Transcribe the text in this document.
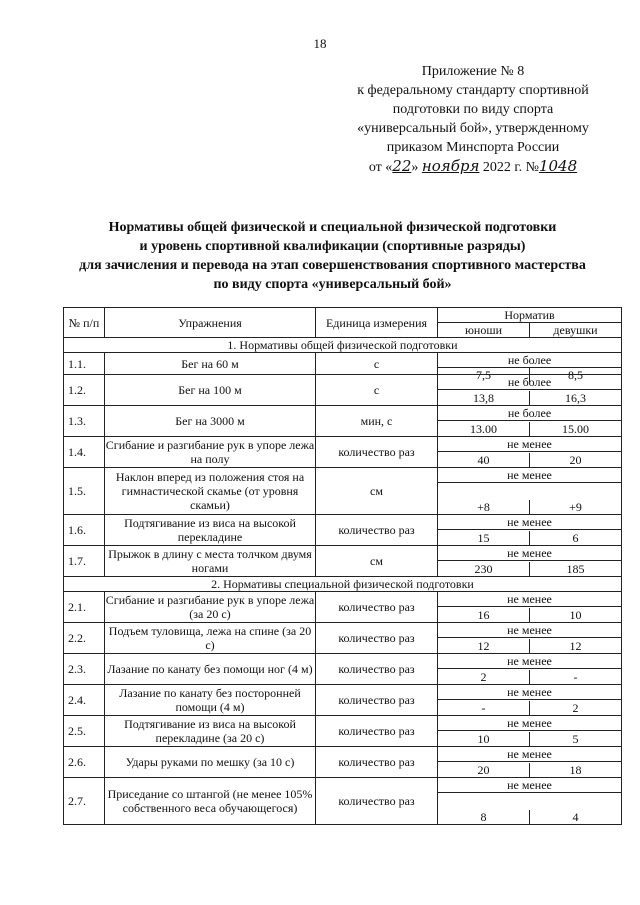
18
Приложение № 8
к федеральному стандарту спортивной
подготовки по виду спорта
«универсальный бой», утвержденному
приказом Минспорта России
от «22» ноября 2022 г. №1048
Нормативы общей физической и специальной физической подготовки
и уровень спортивной квалификации (спортивные разряды)
для зачисления и перевода на этап совершенствования спортивного мастерства
по виду спорта «универсальный бой»
№ п/п	Упражнения	Единица измерения	Норматив	
			юноши	девушки
1. Нормативы общей физической подготовки				
1.1.	Бег на 60 м	с	не более
7,5 8,5	

1.2.	Бег на 100 м	с	не более
13,8 16,3	

1.3.	Бег на 3000 м	мин, с	не более
13.00 15.00	

1.4.	Сгибание и разгибание рук в упоре лежа на полу	количество раз	не менее
40 20	

1.5.	Наклон вперед из положения стоя на гимнастической скамье (от уровня скамьи)	см	не менее
+8 +9	

1.6.	Подтягивание из виса на высокой перекладине	количество раз	не менее
15 6	

1.7.	Прыжок в длину с места толчком двумя ногами	см	не менее
230 185	

2. Нормативы специальной физической подготовки				
2.1.	Сгибание и разгибание рук в упоре лежа (за 20 с)	количество раз	не менее
16 10	

2.2.	Подъем туловища, лежа на спине (за 20 с)	количество раз	не менее
12 12	

2.3.	Лазание по канату без помощи ног (4 м)	количество раз	не менее
2 -	

2.4.	Лазание по канату без посторонней помощи (4 м)	количество раз	не менее
- 2	

2.5.	Подтягивание из виса на высокой перекладине (за 20 с)	количество раз	не менее
10 5	

2.6.	Удары руками по мешку (за 10 с)	количество раз	не менее
20 18	

2.7.	Приседание со штангой (не менее 105% собственного веса обучающегося)	количество раз	не менее
8 4	
